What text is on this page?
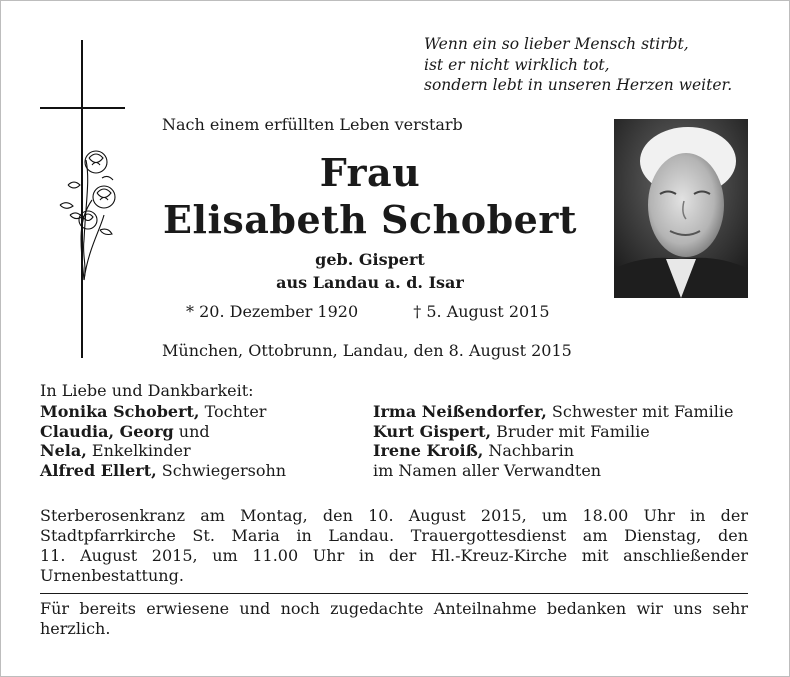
Wenn ein so lieber Mensch stirbt,
ist er nicht wirklich tot,
sondern lebt in unseren Herzen weiter.
Nach einem erfüllten Leben verstarb
Frau
Elisabeth Schobert
geb. Gispert
aus Landau a. d. Isar
* 20. Dezember 1920	† 5. August 2015
München, Ottobrunn, Landau, den 8. August 2015
In Liebe und Dankbarkeit:
Monika Schobert, Tochter
Claudia, Georg und
Nela, Enkelkinder
Alfred Ellert, Schwiegersohn
Irma Neißendorfer, Schwester mit Familie
Kurt Gispert, Bruder mit Familie
Irene Kroiß, Nachbarin
im Namen aller Verwandten
Sterberosenkranz am Montag, den 10. August 2015, um 18.00 Uhr in der
Stadtpfarrkirche St. Maria in Landau. Trauergottesdienst am Dienstag, den
11. August 2015, um 11.00 Uhr in der Hl.-Kreuz-Kirche mit anschließender
Urnenbestattung.
Für bereits erwiesene und noch zugedachte Anteilnahme bedanken wir uns sehr
herzlich.
